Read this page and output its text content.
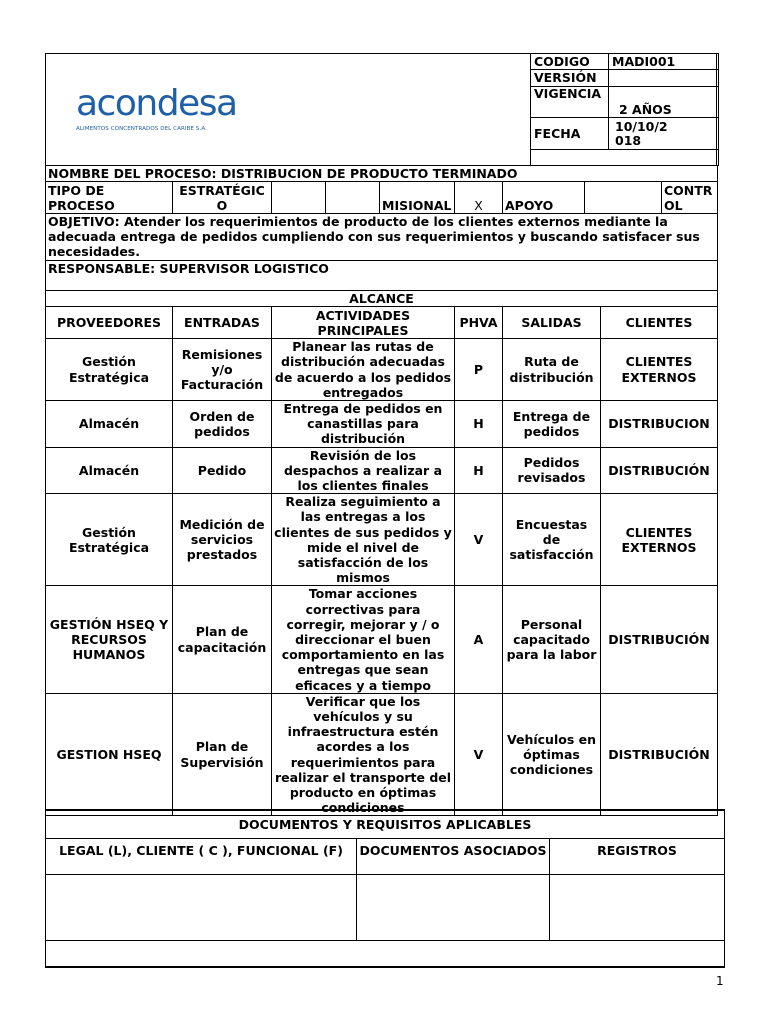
acondesa
ALIMENTOS CONCENTRADOS DEL CARIBE S.A.
CODIGO	MADI001
VERSIÓN	
VIGENCIA	2 AÑOS
FECHA	10/10/2018

NOMBRE DEL PROCESO: DISTRIBUCION DE PRODUCTO TERMINADO
TIPO DE PROCESO	ESTRATÉGICO			MISIONAL	X	APOYO		CONTROL
OBJETIVO: Atender los requerimientos de producto de los clientes externos mediante la adecuada entrega de pedidos cumpliendo con sus requerimientos y buscando satisfacer sus necesidades.
RESPONSABLE: SUPERVISOR LOGISTICO
ALCANCE
PROVEEDORES	ENTRADAS	ACTIVIDADES PRINCIPALES	PHVA	SALIDAS	CLIENTES
Gestión Estratégica	Remisiones y/o Facturación	Planear las rutas de distribución adecuadas de acuerdo a los pedidos entregados	P	Ruta de distribución	CLIENTES EXTERNOS
Almacén	Orden de pedidos	Entrega de pedidos en canastillas para distribución	H	Entrega de pedidos	DISTRIBUCION
Almacén	Pedido	Revisión de los despachos a realizar a los clientes finales	H	Pedidos revisados	DISTRIBUCIÓN
Gestión Estratégica	Medición de servicios prestados	Realiza seguimiento a las entregas a los clientes de sus pedidos y mide el nivel de satisfacción de los mismos	V	Encuestas de satisfacción	CLIENTES EXTERNOS
GESTIÓN HSEQ Y RECURSOS HUMANOS	Plan de capacitación	Tomar acciones correctivas para corregir, mejorar y / o direccionar el buen comportamiento en las entregas que sean eficaces y a tiempo	A	Personal capacitado para la labor	DISTRIBUCIÓN
GESTION HSEQ	Plan de Supervisión	Verificar que los vehículos y su infraestructura estén acordes a los requerimientos para realizar el transporte del producto en óptimas condiciones	V	Vehículos en óptimas condiciones	DISTRIBUCIÓN
DOCUMENTOS Y REQUISITOS APLICABLES		
LEGAL (L), CLIENTE ( C ), FUNCIONAL (F)	DOCUMENTOS ASOCIADOS	REGISTROS

1
